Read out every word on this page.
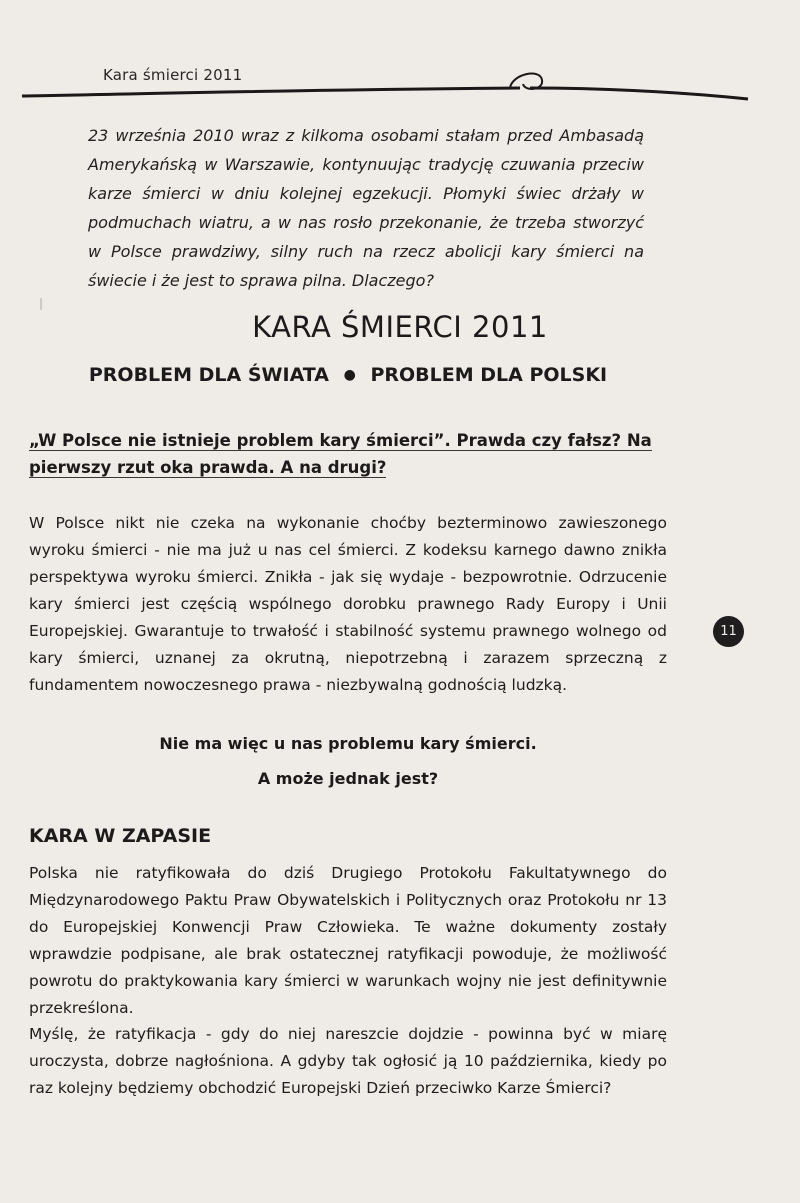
Kara śmierci 2011
23 września 2010 wraz z kilkoma osobami stałam przed Ambasadą Amerykańską w Warszawie, kontynuując tradycję czuwania przeciw karze śmierci w dniu kolejnej egzekucji. Płomyki świec drżały w podmuchach wiatru, a w nas rosło przekonanie, że trzeba stworzyć w Polsce prawdziwy, silny ruch na rzecz abolicji kary śmierci na świecie i że jest to sprawa pilna. Dlaczego?
KARA ŚMIERCI 2011
PROBLEM DLA ŚWIATA ● PROBLEM DLA POLSKI
„W Polsce nie istnieje problem kary śmierci”. Prawda czy fałsz? Na pierwszy rzut oka prawda. A na drugi?
W Polsce nikt nie czeka na wykonanie choćby bezterminowo zawieszonego wyroku śmierci - nie ma już u nas cel śmierci. Z kodeksu karnego dawno znikła perspektywa wyroku śmierci. Znikła - jak się wydaje - bezpowrotnie. Odrzucenie kary śmierci jest częścią wspólnego dorobku prawnego Rady Europy i Unii Europejskiej. Gwarantuje to trwałość i stabilność systemu prawnego wolnego od kary śmierci, uznanej za okrutną, niepotrzebną i zarazem sprzeczną z fundamentem nowoczesnego prawa - niezbywalną godnością ludzką.
Nie ma więc u nas problemu kary śmierci.
A może jednak jest?
KARA W ZAPASIE
Polska nie ratyfikowała do dziś Drugiego Protokołu Fakultatywnego do Międzynarodowego Paktu Praw Obywatelskich i Politycznych oraz Protokołu nr 13 do Europejskiej Konwencji Praw Człowieka. Te ważne dokumenty zostały wprawdzie podpisane, ale brak ostatecznej ratyfikacji powoduje, że możliwość powrotu do praktykowania kary śmierci w warunkach wojny nie jest definitywnie przekreślona.
Myślę, że ratyfikacja - gdy do niej nareszcie dojdzie - powinna być w miarę uroczysta, dobrze nagłośniona. A gdyby tak ogłosić ją 10 października, kiedy po raz kolejny będziemy obchodzić Europejski Dzień przeciwko Karze Śmierci?
11
